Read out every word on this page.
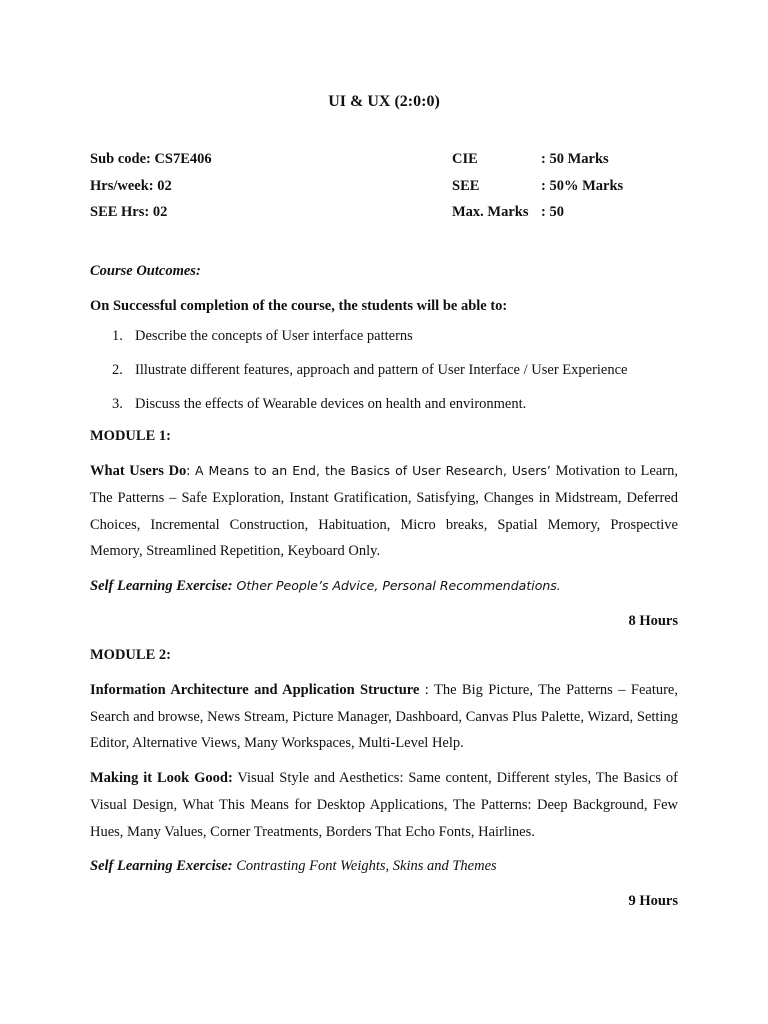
UI & UX (2:0:0)
Sub code: CS7E406	CIE	: 50 Marks
Hrs/week: 02	SEE	: 50% Marks
SEE Hrs: 02	Max. Marks : 50

Course Outcomes:

On Successful completion of the course, the students will be able to:

1. Describe the concepts of User interface patterns
2. Illustrate different features, approach and pattern of User Interface / User Experience
3. Discuss the effects of Wearable devices on health and environment.

MODULE 1:

What Users Do: A Means to an End, the Basics of User Research, Users’ Motivation to Learn, The Patterns – Safe Exploration, Instant Gratification, Satisfying, Changes in Midstream, Deferred Choices, Incremental Construction, Habituation, Micro breaks, Spatial Memory, Prospective Memory, Streamlined Repetition, Keyboard Only.

Self Learning Exercise: Other People’s Advice, Personal Recommendations.

8 Hours

MODULE 2:

Information Architecture and Application Structure : The Big Picture, The Patterns – Feature, Search and browse, News Stream, Picture Manager, Dashboard, Canvas Plus Palette, Wizard, Setting Editor, Alternative Views, Many Workspaces, Multi-Level Help.

Making it Look Good: Visual Style and Aesthetics: Same content, Different styles, The Basics of Visual Design, What This Means for Desktop Applications, The Patterns: Deep Background, Few Hues, Many Values, Corner Treatments, Borders That Echo Fonts, Hairlines.

Self Learning Exercise: Contrasting Font Weights, Skins and Themes

9 Hours
